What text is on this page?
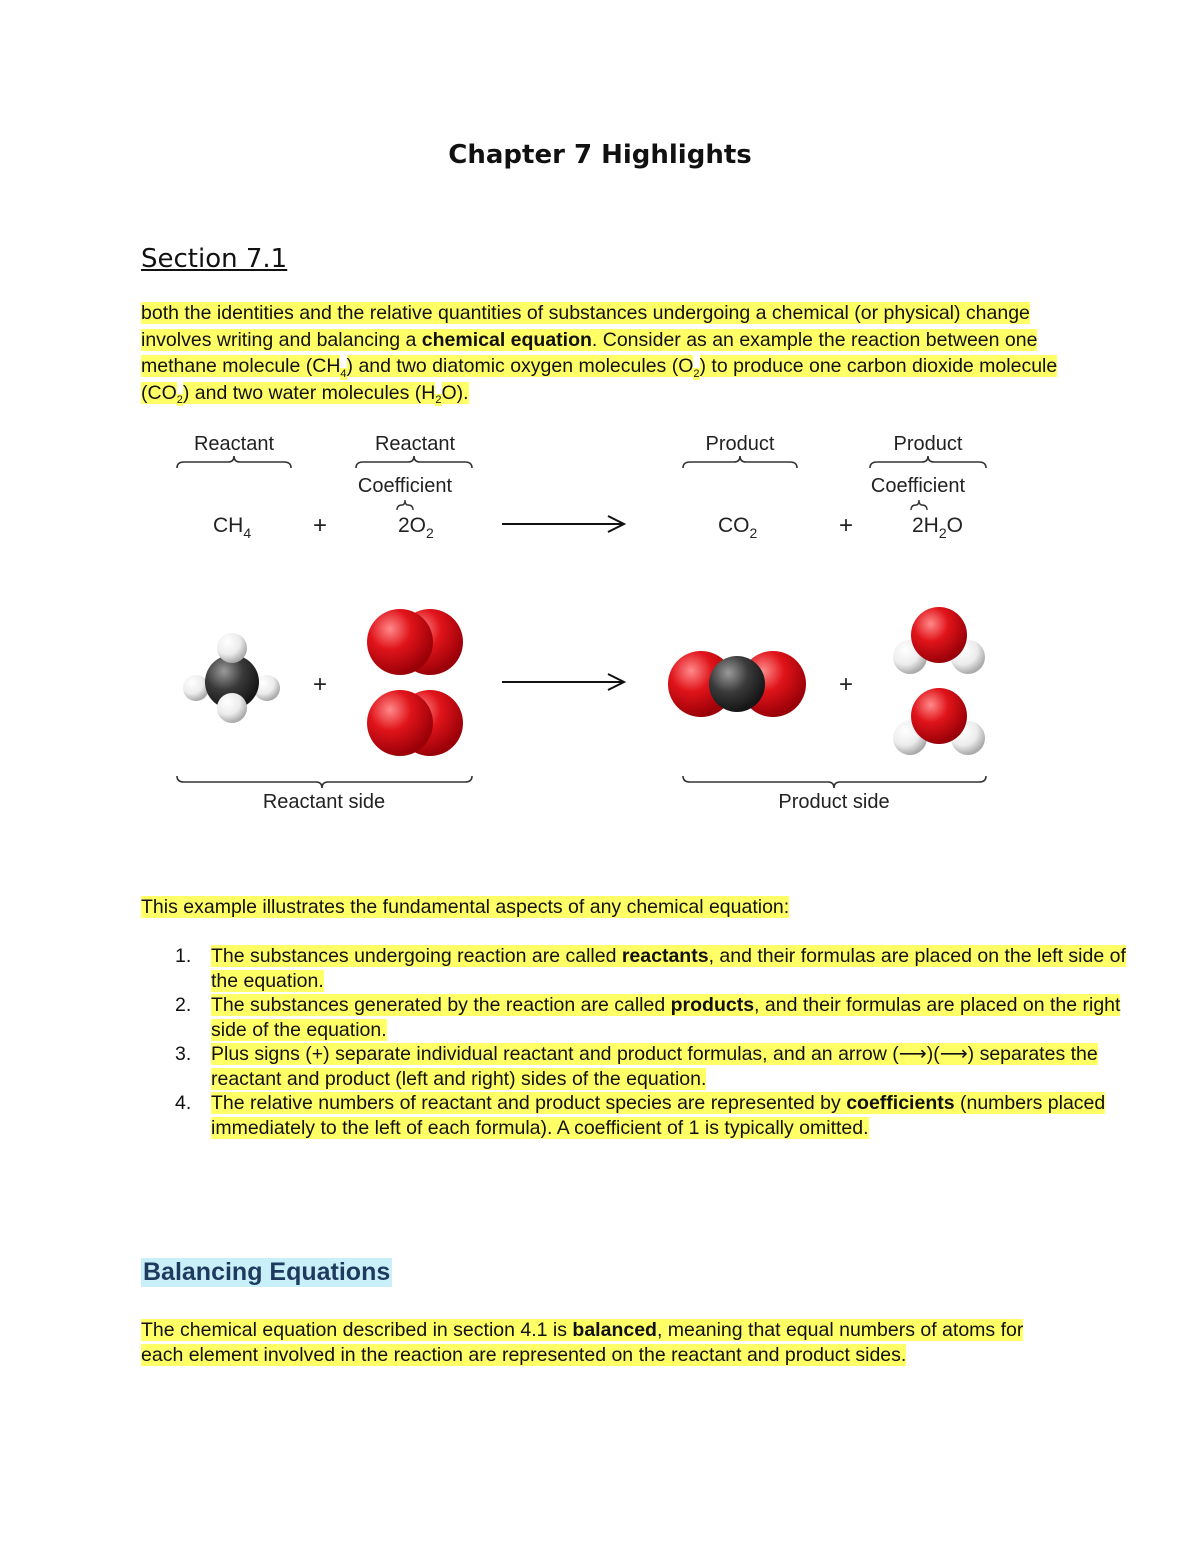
Chapter 7 Highlights
Section 7.1
both the identities and the relative quantities of substances undergoing a chemical (or physical) change involves writing and balancing a chemical equation. Consider as an example the reaction between one methane molecule $(CH_4)$ and two diatomic oxygen molecules $(O_2)$ to produce one carbon dioxide molecule $(CO_2)$ and two water molecules $(H_2O)$.
Reactant	Reactant	Product	Product
Coefficient	Coefficient
$CH_4$	+	$2O_2$	$CO_2$	+	$2H_2O$
+	+
Reactant side	Product side
This example illustrates the fundamental aspects of any chemical equation:
1. The substances undergoing reaction are called reactants, and their formulas are placed on the left side of the equation.
2. The substances generated by the reaction are called products, and their formulas are placed on the right side of the equation.
3. Plus signs (+) separate individual reactant and product formulas, and an arrow (⟶)(⟶) separates the reactant and product (left and right) sides of the equation.
4. The relative numbers of reactant and product species are represented by coefficients (numbers placed immediately to the left of each formula). A coefficient of 1 is typically omitted.
Balancing Equations
The chemical equation described in section 4.1 is balanced, meaning that equal numbers of atoms for each element involved in the reaction are represented on the reactant and product sides.
